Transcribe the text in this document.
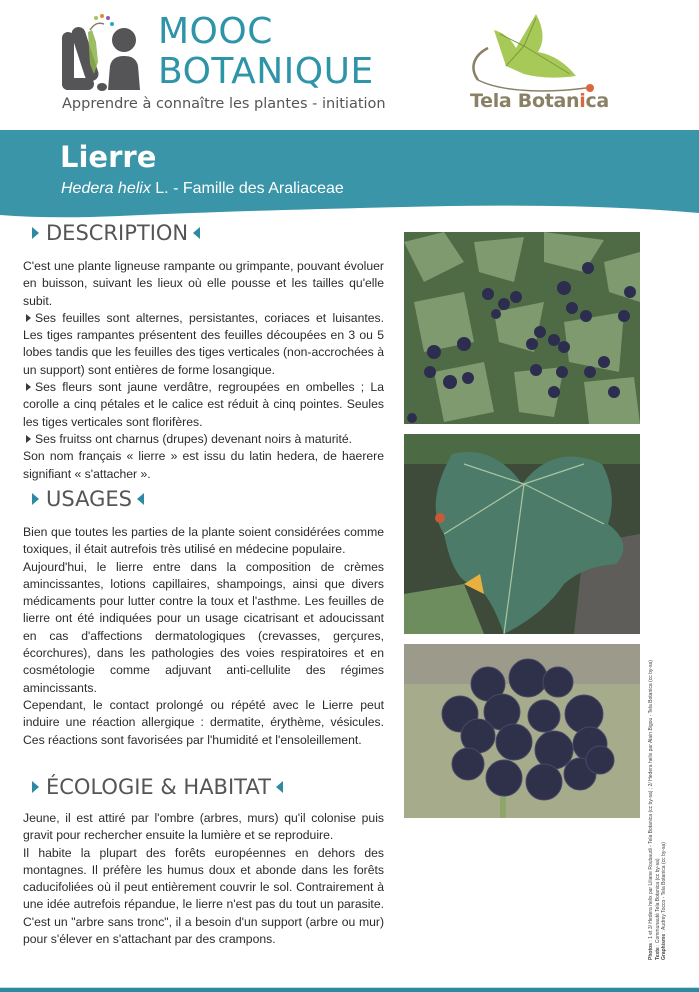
MOOC
BOTANIQUE
Apprendre à connaître les plantes - initiation	Tela Botanica
Lierre
Hedera helix L. - Famille des Araliaceae
DESCRIPTION

C'est une plante ligneuse rampante ou grimpante, pouvant évoluer en buisson, suivant les lieux où elle pousse et les tailles qu'elle subit.

Ses feuilles sont alternes, persistantes, coriaces et luisantes. Les tiges rampantes présentent des feuilles découpées en 3 ou 5 lobes tandis que les feuilles des tiges verticales (non-accrochées à un support) sont entières de forme losangique.

Ses fleurs sont jaune verdâtre, regroupées en ombelles ; La corolle a cinq pétales et le calice est réduit à cinq pointes. Seules les tiges verticales sont florifères.

Ses fruitss ont charnus (drupes) devenant noirs à maturité.

Son nom français « lierre » est issu du latin hedera, de haerere signifiant « s'attacher ».

USAGES

Bien que toutes les parties de la plante soient considérées comme toxiques, il était autrefois très utilisé en médecine populaire.

Aujourd'hui, le lierre entre dans la composition de crèmes amincissantes, lotions capillaires, shampoings, ainsi que divers médicaments pour lutter contre la toux et l'asthme. Les feuilles de lierre ont été indiquées pour un usage cicatrisant et adoucissant en cas d'affections dermatologiques (crevasses, gerçures, écorchures), dans les pathologies des voies respiratoires et en cosmétologie comme adjuvant anti-cellulite des régimes amincissants.

Cependant, le contact prolongé ou répété avec le Lierre peut induire une réaction allergique : dermatite, érythème, vésicules. Ces réactions sont favorisées par l'humidité et l'ensoleillement.

ÉCOLOGIE & HABITAT

Jeune, il est attiré par l'ombre (arbres, murs) qu'il colonise puis gravit pour rechercher ensuite la lumière et se reproduire.

Il habite la plupart des forêts européennes en dehors des montagnes. Il préfère les humus doux et abonde dans les forêts caducifoliées où il peut entièrement couvrir le sol. Contrairement à une idée autrefois répandue, le lierre n'est pas du tout un parasite. C'est un "arbre sans tronc", il a besoin d'un support (arbre ou mur) pour s'élever en s'attachant par des crampons.

Photos : 1 et 3/ Hedera helix par Liliane Roubaudi - Tela Botanica (cc by-sa) ; 2/ Hedera helix par Alain Bigou - Tela Botanica (cc by-sa)
Texte : Communauté Tela Botanica (cc by-sa) Graphisme : Audrey Tocco - Tela Botanica (cc by-sa)
